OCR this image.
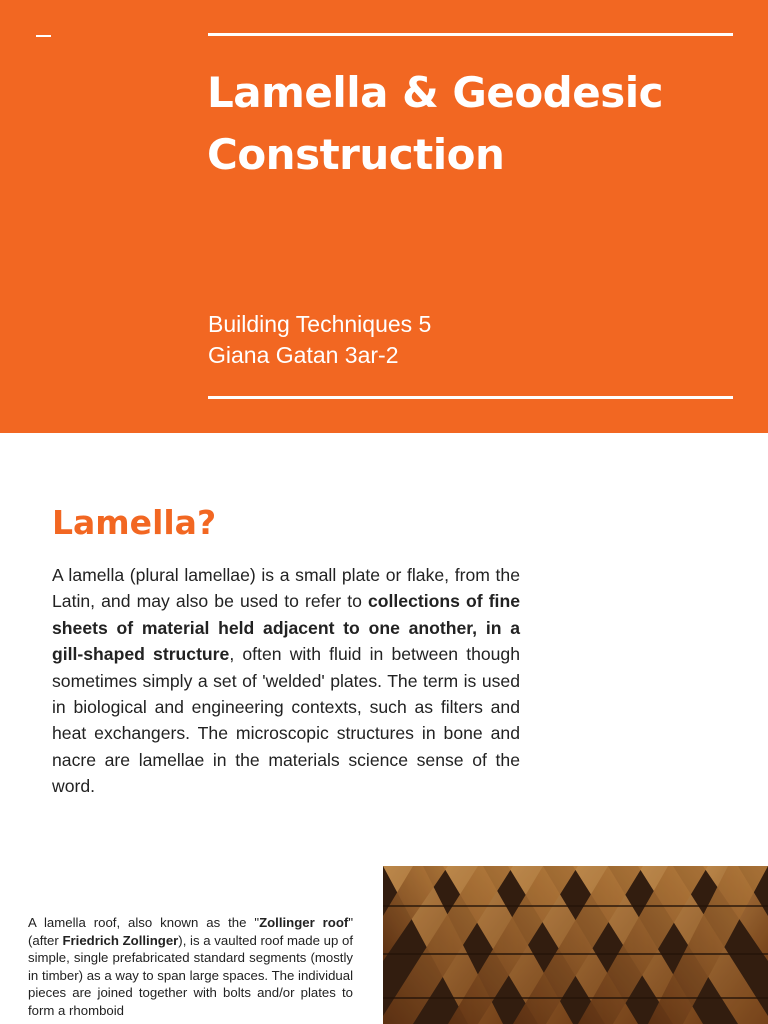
Lamella & Geodesic
Construction
Building Techniques 5
Giana Gatan 3ar-2
Lamella?

A lamella (plural lamellae) is a small plate or flake, from the Latin, and may also be used to refer to collections of fine sheets of material held adjacent to one another, in a gill-shaped structure, often with fluid in between though sometimes simply a set of 'welded' plates. The term is used in biological and engineering contexts, such as filters and heat exchangers. The microscopic structures in bone and nacre are lamellae in the materials science sense of the word.

A lamella roof, also known as the "Zollinger roof" (after Friedrich Zollinger), is a vaulted roof made up of simple, single prefabricated standard segments (mostly in timber) as a way to span large spaces. The individual pieces are joined together with bolts and/or plates to form a rhomboid
